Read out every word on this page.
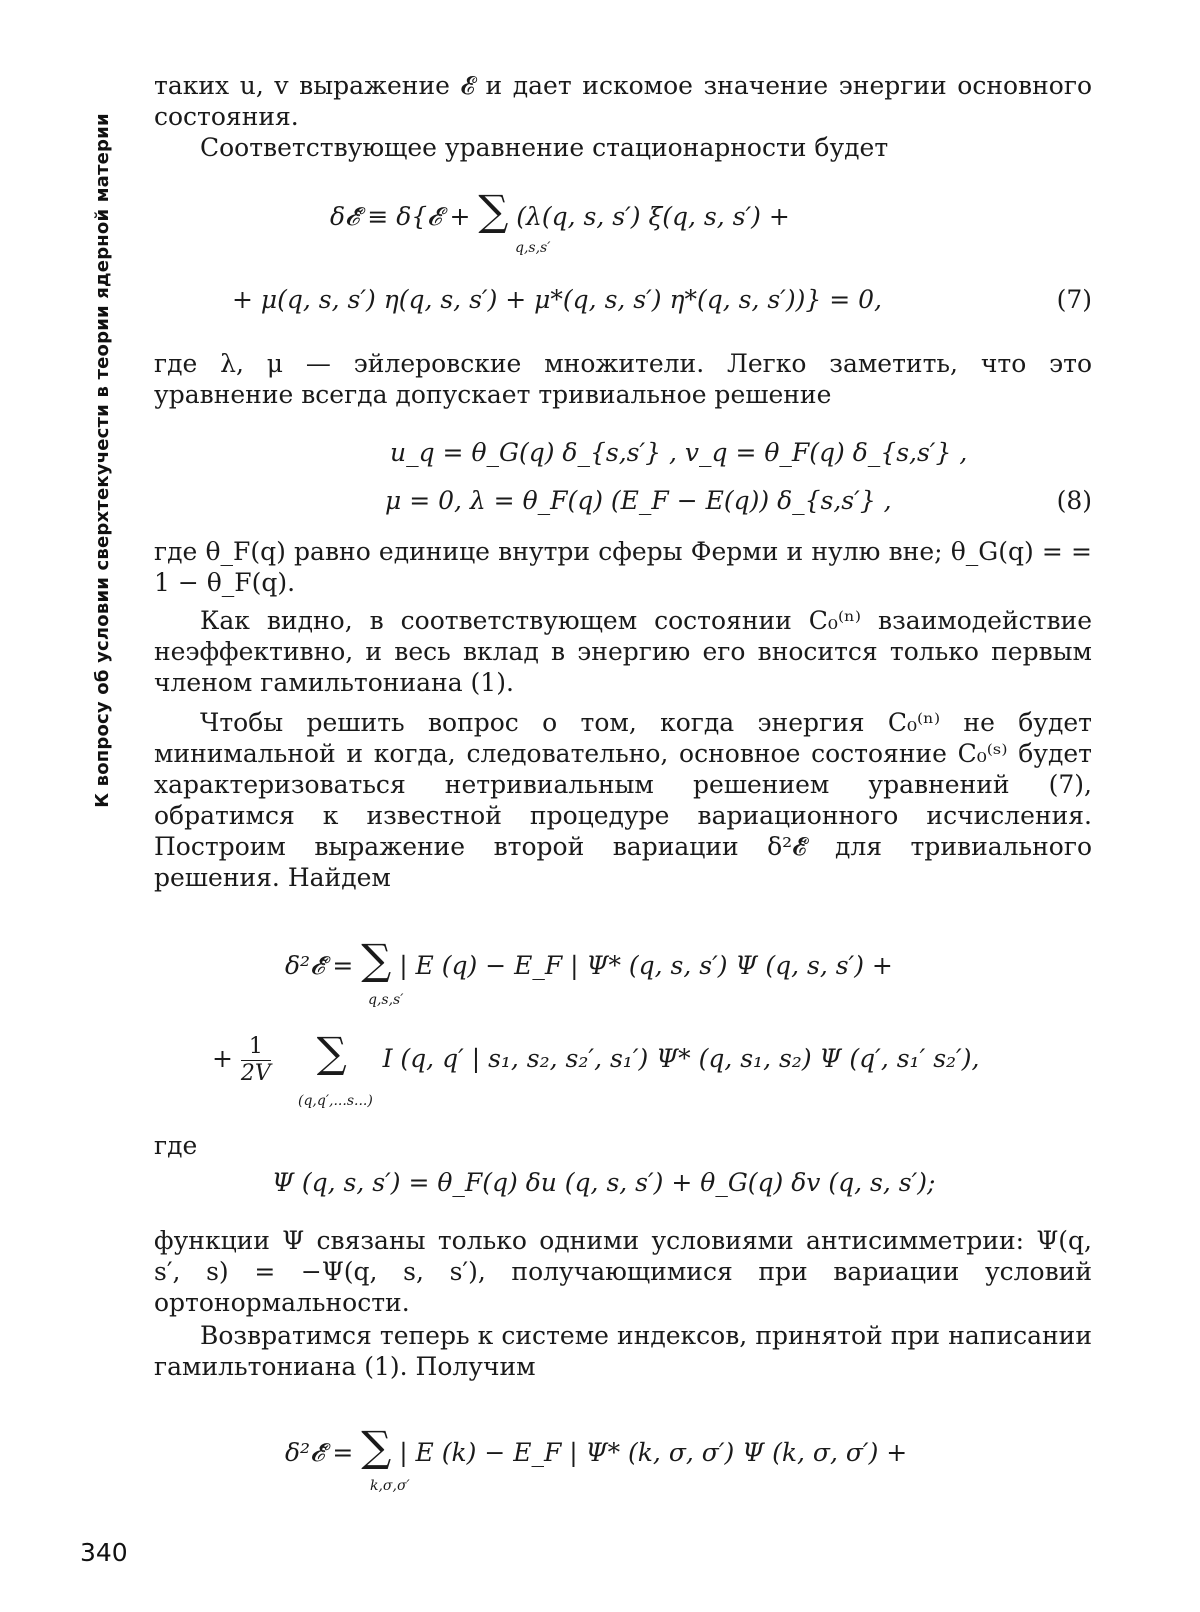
К вопросу об условии сверхтекучести в теории ядерной материи
таких u, v выражение 𝓔 и дает искомое значение энергии основного состояния.
Соответствующее уравнение стационарности будет
δ𝓔̃ ≡ δ{𝓔 + ∑ (λ(q, s, s′) ξ(q, s, s′) +
q,s,s′
+ μ(q, s, s′) η(q, s, s′) + μ*(q, s, s′) η*(q, s, s′))} = 0,	(7)
где λ, μ — эйлеровские множители. Легко заметить, что это уравнение всегда допускает тривиальное решение
u_q = θ_G(q) δ_{s,s′} , v_q = θ_F(q) δ_{s,s′} ,
μ = 0, λ = θ_F(q) (E_F − E(q)) δ_{s,s′} ,	(8)
где θ_F(q) равно единице внутри сферы Ферми и нулю вне; θ_G(q) = = 1 − θ_F(q).
Как видно, в соответствующем состоянии C₀⁽ⁿ⁾ взаимодействие неэффективно, и весь вклад в энергию его вносится только первым членом гамильтониана (1).
Чтобы решить вопрос о том, когда энергия C₀⁽ⁿ⁾ не будет минимальной и когда, следовательно, основное состояние C₀⁽ˢ⁾ будет характеризоваться нетривиальным решением уравнений (7), обратимся к известной процедуре вариационного исчисления. Построим выражение второй вариации δ²𝓔̃ для тривиального решения. Найдем
δ²𝓔̃ = ∑ | E (q) − E_F | Ψ* (q, s, s′) Ψ (q, s, s′) +
q,s,s′
+ $\frac{1}{2V}$ ∑ I (q, q′ | s₁, s₂, s₂′, s₁′) Ψ* (q, s₁, s₂) Ψ (q′, s₁′ s₂′),
(q,q′,...s...)
где
Ψ (q, s, s′) = θ_F(q) δu (q, s, s′) + θ_G(q) δv (q, s, s′);
функции Ψ связаны только одними условиями антисимметрии: Ψ(q, s′, s) = −Ψ(q, s, s′), получающимися при вариации условий ортонормальности.
Возвратимся теперь к системе индексов, принятой при написании гамильтониана (1). Получим
δ²𝓔̃ = ∑ | E (k) − E_F | Ψ* (k, σ, σ′) Ψ (k, σ, σ′) +
k,σ,σ′
340
